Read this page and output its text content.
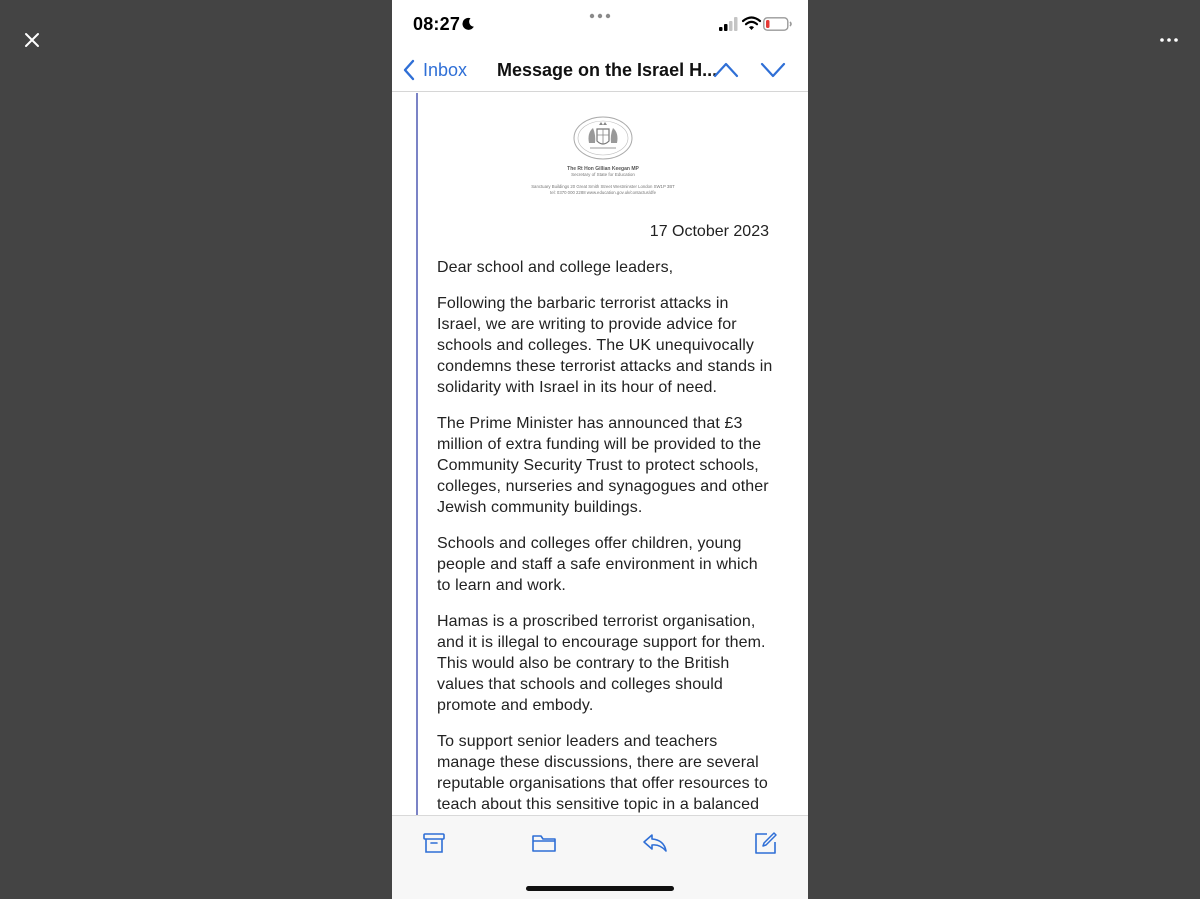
08:27
Inbox Message on the Israel H...
The Rt Hon Gillian Keegan MP
Secretary of State for Education
Sanctuary Buildings 20 Great Smith Street Westminster London SW1P 3BT
tel: 0370 000 2288 www.education.gov.uk/contactus/dfe
17 October 2023

Dear school and college leaders,

Following the barbaric terrorist attacks in Israel, we are writing to provide advice for schools and colleges. The UK unequivocally condemns these terrorist attacks and stands in solidarity with Israel in its hour of need.

The Prime Minister has announced that £3 million of extra funding will be provided to the Community Security Trust to protect schools, colleges, nurseries and synagogues and other Jewish community buildings.

Schools and colleges offer children, young people and staff a safe environment in which to learn and work.

Hamas is a proscribed terrorist organisation, and it is illegal to encourage support for them. This would also be contrary to the British values that schools and colleges should promote and embody.

To support senior leaders and teachers manage these discussions, there are several reputable organisations that offer resources to teach about this sensitive topic in a balanced
